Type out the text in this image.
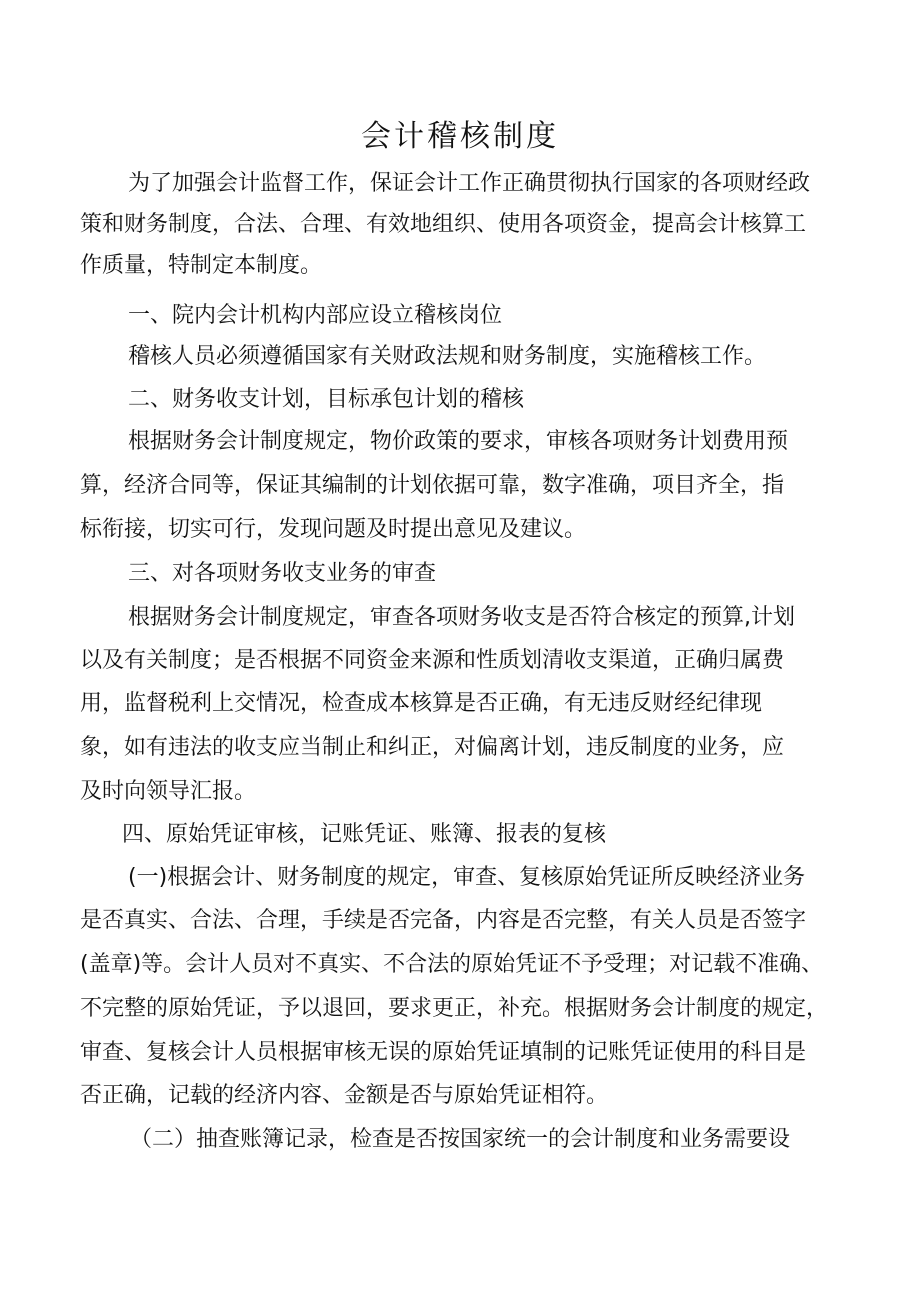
会计稽核制度

为了加强会计监督工作，保证会计工作正确贯彻执行国家的各项财经政

策和财务制度，合法、合理、有效地组织、使用各项资金，提高会计核算工

作质量，特制定本制度。

一、院内会计机构内部应设立稽核岗位

稽核人员必须遵循国家有关财政法规和财务制度，实施稽核工作。

二、财务收支计划，目标承包计划的稽核

根据财务会计制度规定，物价政策的要求，审核各项财务计划费用预

算，经济合同等，保证其编制的计划依据可靠，数字准确，项目齐全，指

标衔接，切实可行，发现问题及时提出意见及建议。

三、对各项财务收支业务的审查

根据财务会计制度规定，审查各项财务收支是否符合核定的预算,计划

以及有关制度；是否根据不同资金来源和性质划清收支渠道，正确归属费

用，监督税利上交情况，检查成本核算是否正确，有无违反财经纪律现

象，如有违法的收支应当制止和纠正，对偏离计划，违反制度的业务，应

及时向领导汇报。

四、原始凭证审核，记账凭证、账簿、报表的复核

(一)根据会计、财务制度的规定，审查、复核原始凭证所反映经济业务

是否真实、合法、合理，手续是否完备，内容是否完整，有关人员是否签字

(盖章)等。会计人员对不真实、不合法的原始凭证不予受理；对记载不准确、

不完整的原始凭证，予以退回，要求更正，补充。根据财务会计制度的规定，

审查、复核会计人员根据审核无误的原始凭证填制的记账凭证使用的科目是

否正确，记载的经济内容、金额是否与原始凭证相符。

（二）抽查账簿记录，检查是否按国家统一的会计制度和业务需要设
